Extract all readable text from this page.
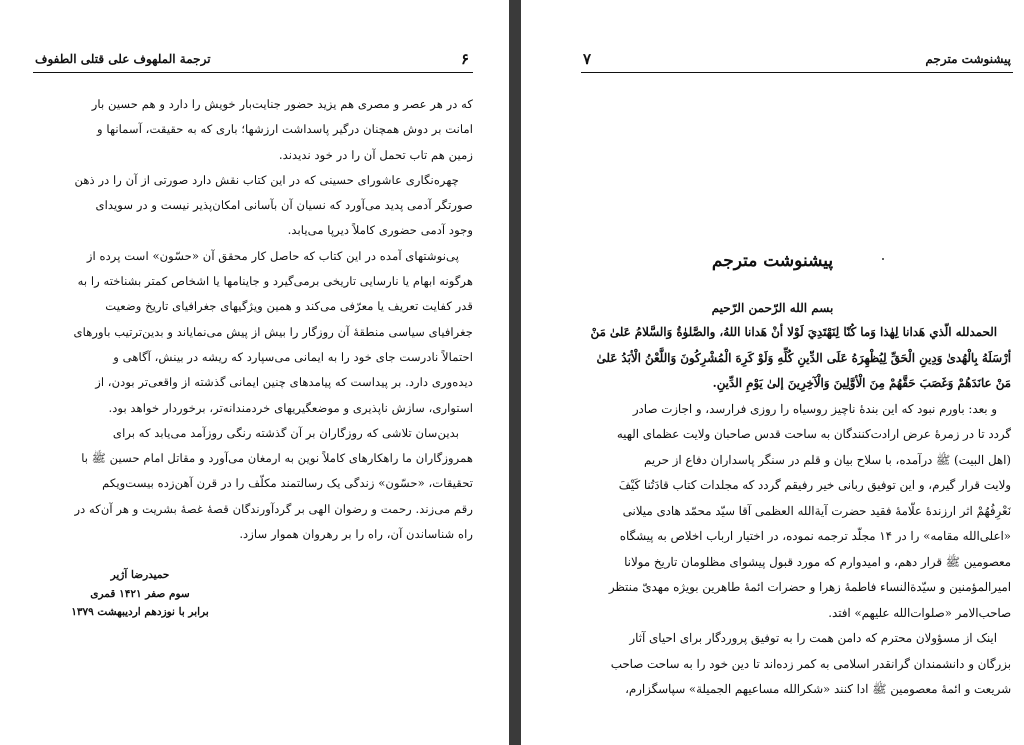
۶
ترجمة الملهوف على قتلى الطفوف
که در هر عصر و مصری هم یزید حضور جنایت‌بار خویش را دارد و هم حسین بار
امانت بر دوش همچنان درگیر پاسداشت ارزشها؛ باری که به حقیقت، آسمانها و
زمین هم تاب تحمل آن را در خود ندیدند.
چهره‌نگاری عاشورای حسینی که در این کتاب نقش دارد صورتی از آن را در ذهن
صورتگر آدمی پدید می‌آورد که نسیان آن بآسانی امکان‌پذیر نیست و در سویدای
وجود آدمی حضوری کاملاً دیرپا می‌یابد.
پی‌نوشتهای آمده در این کتاب که حاصل کار محقق آن «حسّون» است پرده از
هرگونه ابهام یا نارسایی تاریخی برمی‌گیرد و جاینامها یا اشخاص کمتر بشناخته را به
قدر کفایت تعریف یا معرّفی می‌کند و همین ویژگیهای جغرافیای تاریخ وضعیت
جغرافیای سیاسی منطقهٔ آن روزگار را بیش از پیش می‌نمایاند و بدین‌ترتیب باورهای
احتمالاً نادرست جای خود را به ایمانی می‌سپارد که ریشه در بینش، آگاهی و
دیده‌وری دارد. بر پیداست که پیامدهای چنین ایمانی گذشته از واقعی‌تر بودن، از
استواری، سازش ناپذیری و موضعگیریهای خردمندانه‌تر، برخوردار خواهد بود.
بدین‌سان تلاشی که روزگاران بر آن گذشته رنگی روزآمد می‌یابد که برای
همروزگاران ما راهکارهای کاملاً نوین به ارمغان می‌آورد و مقاتل امام حسین ﷺ با
تحقیقات، «حسّون» زندگی یک رسالتمند مکلّف را در قرن آهن‌زده بیست‌ویکم
رقم می‌زند. رحمت و رضوان الهی بر گردآورندگان قصهٔ غصهٔ بشریت و هر آن‌که در
راه شناساندن آن، راه را بر رهروان هموار سازد.
حمیدرضا آژیر
سوم صفر ۱۴۲۱ قمری
برابر با نوزدهم اردیبهشت ۱۳۷۹
۷	پیشنوشت مترجم
پیشنوشت مترجم
بسم الله الرّحمن الرّحيم
الحمدلله الّذي هَدانا لِهٰذا وَما كُنّا لِنَهْتَدِيَ لَوْلا أنْ هَدانا اللهُ، والصَّلوٰةُ وَالسَّلامُ عَلىٰ مَنْ
أرْسَلَهُ بِالْهُدىٰ وَدِينِ الْحَقِّ لِيُظْهِرَهُ عَلَى الدِّينِ كُلِّهِ وَلَوْ كَرِهَ الْمُشْرِكُونَ وَاللَّعْنُ الْأبَدُ عَلىٰ
مَنْ عانَدَهُمْ وَغَصَبَ حَقَّهُمْ مِنَ الْأوَّلِينَ وَالْآخِرِينَ إلىٰ يَوْمِ الدِّينِ.
و بعد: باورم نبود که این بندهٔ ناچیز روسیاه را روزی فرارسد، و اجازت صادر
گردد تا در زمرهٔ عرض ارادت‌کنندگان به ساحت قدس صاحبان ولایت عظمای الهیه
(اهل البیت) ﷺ درآمده، با سلاح بیان و قلم در سنگر پاسداران دفاع از حریم
ولایت قرار گیرم، و این توفیق ربانی خیر رفیقم گردد که مجلدات کتاب قادَتُنا کَیْفَ
نَعْرِفُهُمْ اثر ارزندهٔ علّامهٔ فقید حضرت آیةالله العظمی آقا سیّد محمّد هادی میلانی
«اعلی‌الله مقامه» را در ۱۴ مجلّد ترجمه نموده، در اختیار ارباب اخلاص به پیشگاه
معصومین ﷺ قرار دهم، و امیدوارم که مورد قبول پیشوای مظلومان تاریخ مولانا
امیرالمؤمنین و سیّدةالنساء فاطمهٔ زهرا و حضرات ائمهٔ طاهرین بویژه مهدیّ منتظر
صاحب‌الامر «صلوات‌الله علیهم» افتد.
اینک از مسؤولان محترم که دامن همت را به توفیق پروردگار برای احیای آثار
بزرگان و دانشمندان گرانقدر اسلامی به کمر زده‌اند تا دین خود را به ساحت صاحب
شریعت و ائمهٔ معصومین ﷺ ادا کنند «شکرالله مساعیهم الجمیلة» سپاسگزارم،
